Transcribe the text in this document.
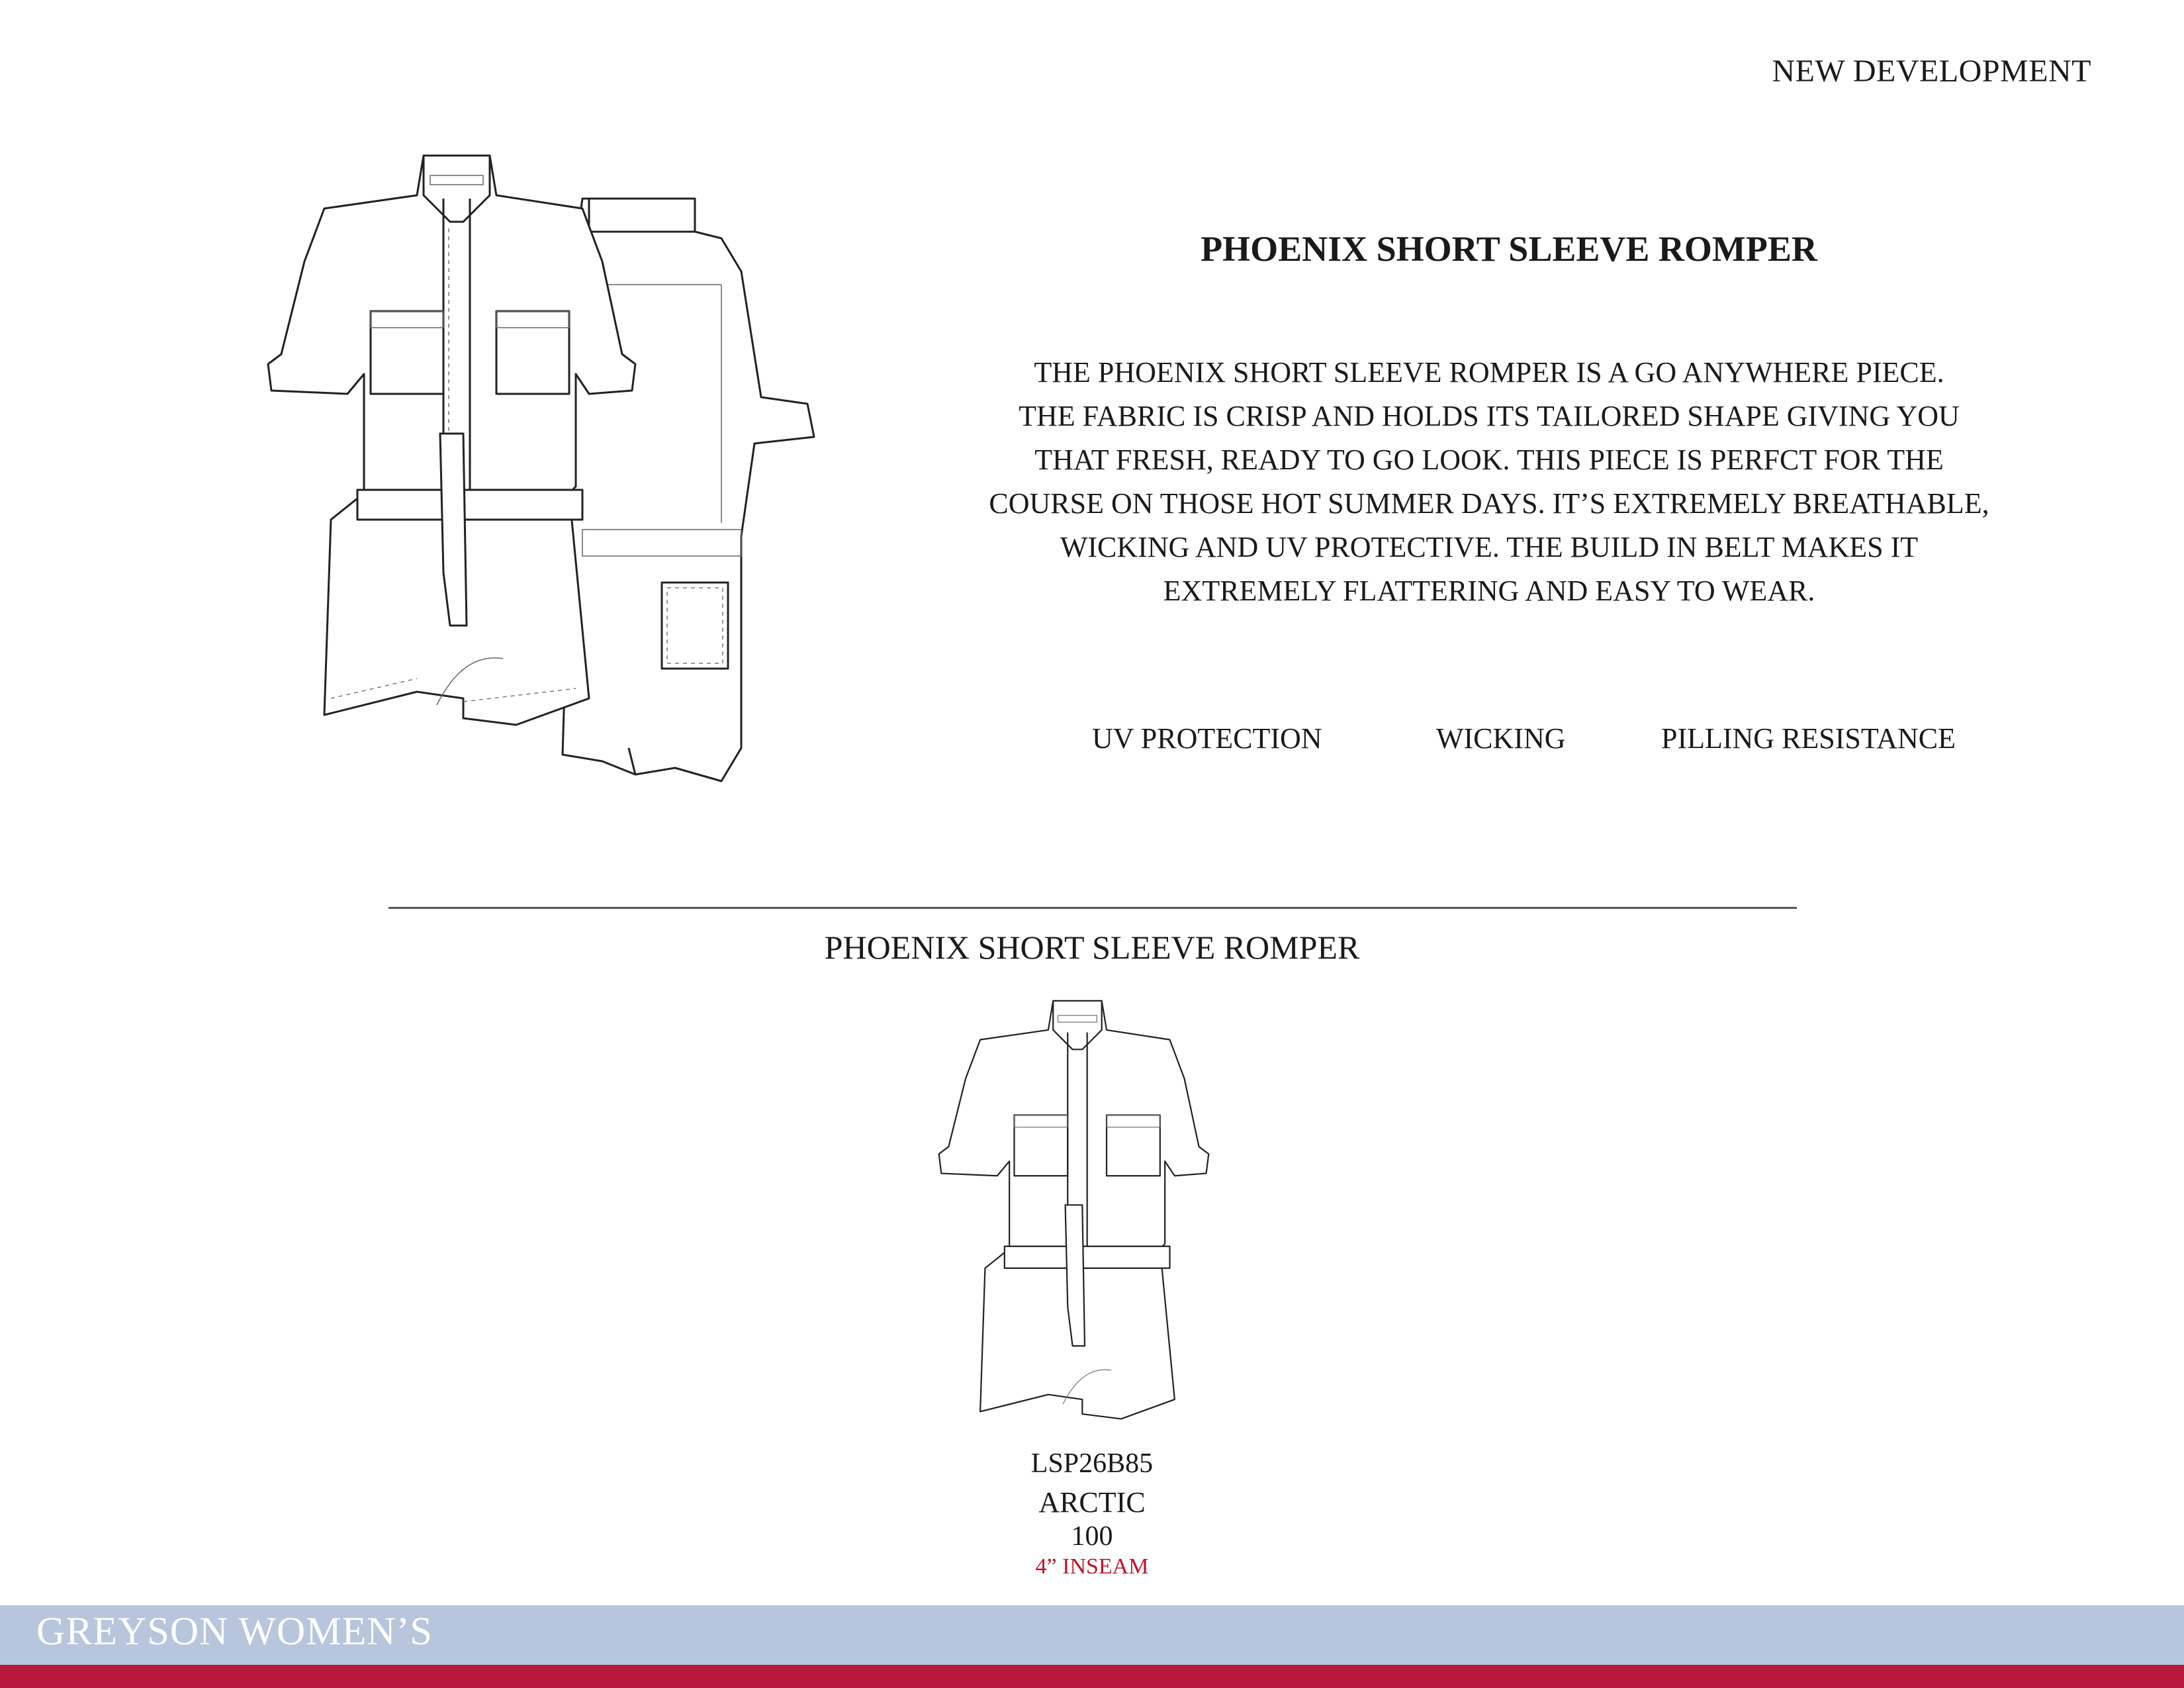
NEW DEVELOPMENT
PHOENIX SHORT SLEEVE ROMPER

THE PHOENIX SHORT SLEEVE ROMPER IS A GO ANYWHERE PIECE.

THE FABRIC IS CRISP AND HOLDS ITS TAILORED SHAPE GIVING YOU

THAT FRESH, READY TO GO LOOK. THIS PIECE IS PERFCT FOR THE

COURSE ON THOSE HOT SUMMER DAYS. IT’S EXTREMELY BREATHABLE,

WICKING AND UV PROTECTIVE. THE BUILD IN BELT MAKES IT

EXTREMELY FLATTERING AND EASY TO WEAR.

UV PROTECTION	WICKING	PILLING RESISTANCE
PHOENIX SHORT SLEEVE ROMPER
LSP26B85
ARCTIC
100
4” INSEAM
GREYSON WOMEN’S
